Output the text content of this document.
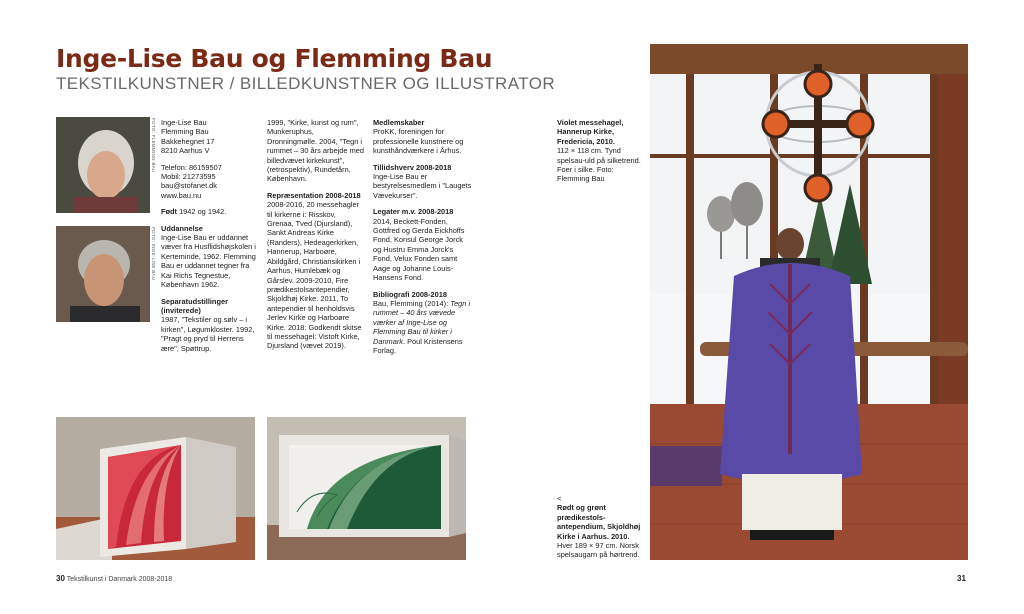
Inge-Lise Bau og Flemming Bau
TEKSTILKUNSTNER / BILLEDKUNSTNER OG ILLUSTRATOR
FOTO: FLEMMING BAU
FOTO: INGE-LISE BAU

Inge-Lise Bau

Flemming Bau

Bakkehegnet 17

8210 Aarhus V

Telefon: 86159507

Mobil: 21273595

bau@stofanet.dk

www.bau.nu

Født 1942 og 1942.

Uddannelse

Inge-Lise Bau er uddannet væver fra Husflidshøjskolen i Kerteminde, 1962. Flemming Bau er uddannet tegner fra Kai Richs Tegnestue, København 1962.

Separatudstillinger (inviterede)

1987, "Tekstiler og sølv – i kirken", Løgumkloster. 1992, "Pragt og pryd til Herrens ære", Spøttrup.

1999, "Kirke, kunst og rum", Munkeruphus, Dronningmølle. 2004, "Tegn i rummet – 30 års arbejde med billedvævet kirkekunst", (retrospektiv), Rundetårn, København.

Repræsentation 2008-2018

2008-2016, 20 messehagler til kirkerne i: Risskov, Grenaa, Tved (Djursland), Sankt Andreas Kirke (Randers), Hedeagerkirken, Hannerup, Harboøre, Abildgård, Christiansikirken i Aarhus, Humlebæk og Gårslev. 2009-2010, Fire prædikestolsantependier, Skjoldhøj Kirke. 2011, To antependier til henholdsvis Jerlev Kirke og Harboøre Kirke. 2018: Godkendt skitse til messehagel: Vistoft Kirke, Djursland (vævet 2019).

Medlemskaber

ProKK, foreningen for professionelle kunstnere og kunsthåndværkere i Århus.

Tillidshverv 2008-2018

Inge-Lise Bau er bestyrelsesmedlem i "Laugets Vævekurser".

Legater m.v. 2008-2018

2014, Beckett-Fonden, Gottfred og Gerda Eickhoffs Fond, Konsul George Jorck og Hustru Emma Jorck's Fond, Velux Fonden samt Aage og Johanne Louis-Hansens Fond.

Bibliografi 2008-2018

Bau, Flemming (2014): Tegn i rummet – 40 års vævede værker af Inge-Lise og Flemming Bau til kirker i Danmark. Poul Kristensens Forlag.

Violet messehagel, Hannerup Kirke, Fredericia, 2010.

112 × 118 cm. Tynd spelsau-uld på silketrend. Foer i silke. Foto: Flemming Bau

<

Rødt og grønt prædikestols-antependium, Skjoldhøj Kirke i Aarhus. 2010. Hver 189 × 97 cm. Norsk spelsaugarn på hørtrend.

30 Tekstilkunst i Danmark 2008-2018	31
